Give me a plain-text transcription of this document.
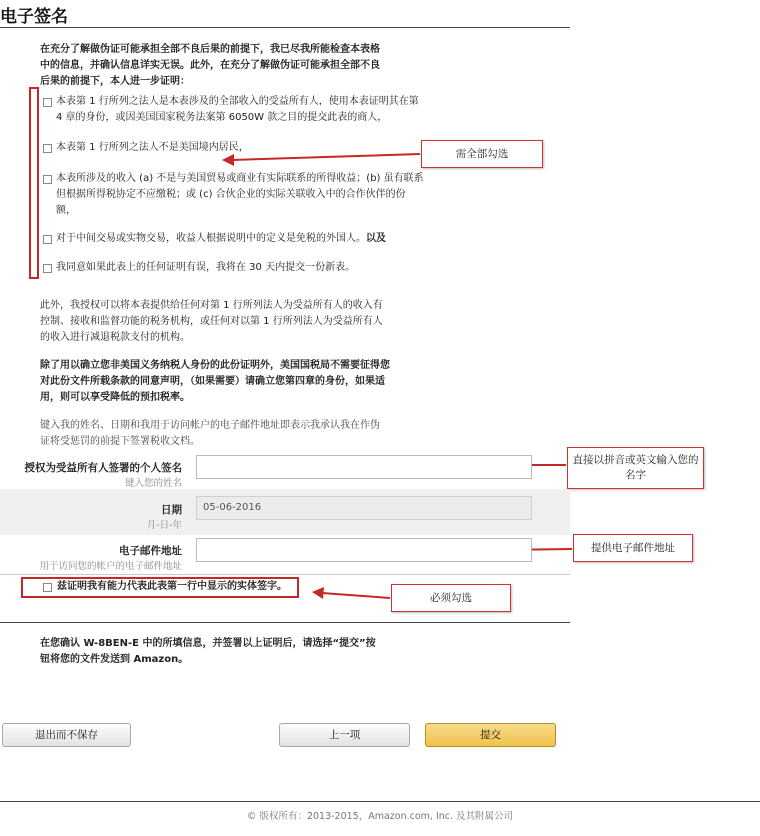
电子签名
在充分了解做伪证可能承担全部不良后果的前提下，我已尽我所能检查本表格中的信息，并确认信息详实无误。此外，在充分了解做伪证可能承担全部不良后果的前提下，本人进一步证明：
本表第 1 行所列之法人是本表涉及的全部收入的受益所有人，使用本表证明其在第
4 章的身份，或因美国国家税务法案第 6050W 款之目的提交此表的商人，
本表第 1 行所列之法人不是美国境内居民，
本表所涉及的收入 (a) 不是与美国贸易或商业有实际联系的所得收益；(b) 虽有联系
但根据所得税协定不应缴税；或 (c) 合伙企业的实际关联收入中的合作伙伴的份
额，
对于中间交易或实物交易，收益人根据说明中的定义是免税的外国人。以及
我同意如果此表上的任何证明有误，我将在 30 天内提交一份新表。
需全部勾选
此外，我授权可以将本表提供给任何对第 1 行所列法人为受益所有人的收入有控制、接收和监督功能的税务机构，或任何对以第 1 行所列法人为受益所有人的收入进行减退税款支付的机构。
除了用以确立您非美国义务纳税人身份的此份证明外，美国国税局不需要征得您对此份文件所载条款的同意声明，（如果需要）请确立您第四章的身份，如果适用，则可以享受降低的预扣税率。
键入我的姓名、日期和我用于访问帐户的电子邮件地址即表示我承认我在作伪证将受惩罚的前提下签署税收文档。
授权为受益所有人签署的个人签名
键入您的姓名
直接以拼音或英文输入您的名字
日期
月-日-年
05-06-2016
电子邮件地址
用于访问您的帐户的电子邮件地址
提供电子邮件地址
兹证明我有能力代表此表第一行中显示的实体签字。
必须勾选
在您确认 W-8BEN-E 中的所填信息，并签署以上证明后，请选择“提交”按钮将您的文件发送到 Amazon。
退出而不保存	上一项	提交
© 版权所有：2013-2015，Amazon.com, Inc. 及其附属公司
